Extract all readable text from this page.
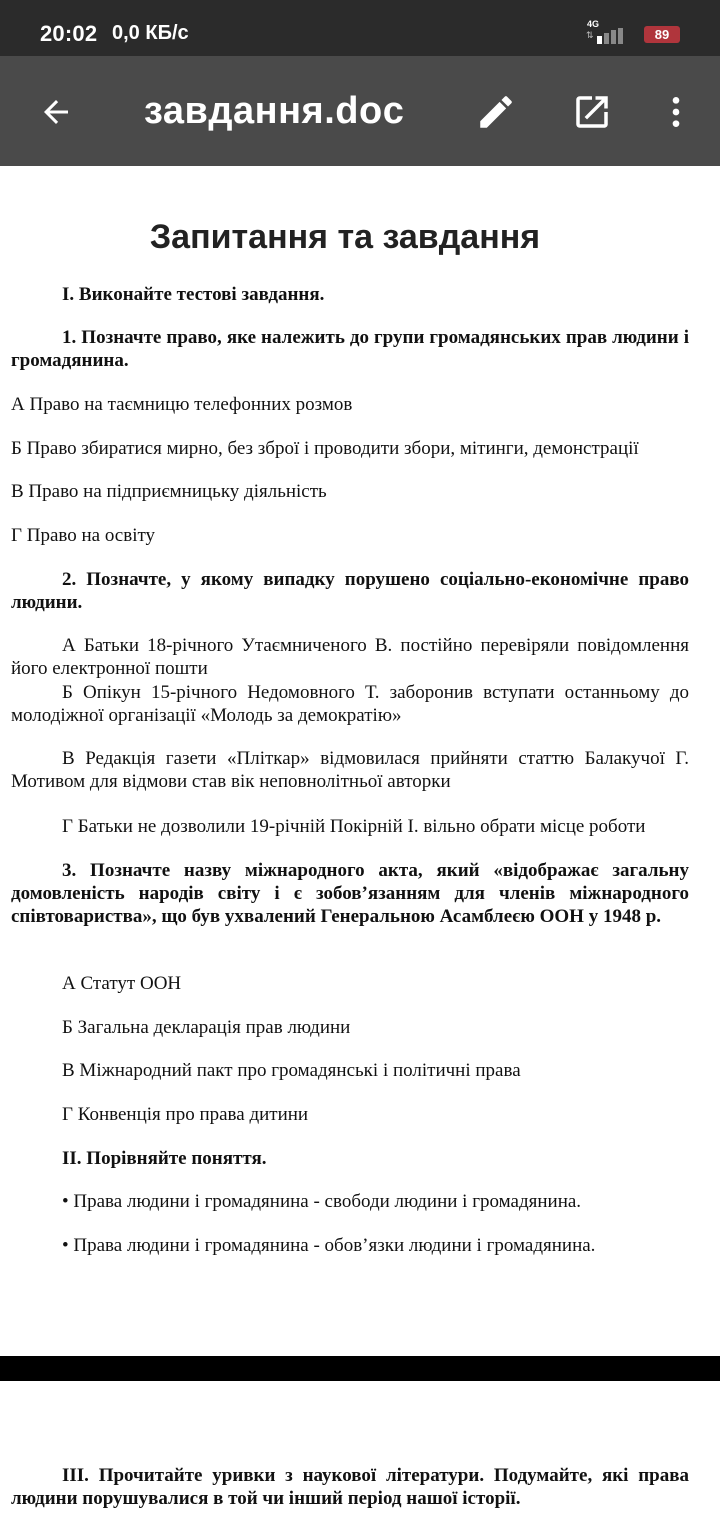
20:02 0,0 КБ/с	4G
⇅	89
завдання.doc
Запитання та завдання
І. Виконайте тестові завдання.
1. Позначте право, яке належить до групи громадянських прав людини і громадянина.
А Право на таємницю телефонних розмов
Б Право збиратися мирно, без зброї і проводити збори, мітинги, демонстрації
В Право на підприємницьку діяльність
Г Право на освіту
2. Позначте, у якому випадку порушено соціально-економічне право людини.
А Батьки 18-річного Утаємниченого В. постійно перевіряли повідомлення його електронної пошти
Б Опікун 15-річного Недомовного Т. заборонив вступати останньому до молодіжної організації «Молодь за демократію»
В Редакція газети «Пліткар» відмовилася прийняти статтю Балакучої Г. Мотивом для відмови став вік неповнолітньої авторки
Г Батьки не дозволили 19-річній Покірній І. вільно обрати місце роботи
3. Позначте назву міжнародного акта, який «відображає загальну домовленість народів світу і є зобов’язанням для членів міжнародного співтовариства», що був ухвалений Генеральною Асамблеєю ООН у 1948 р.
А Статут ООН
Б Загальна декларація прав людини
В Міжнародний пакт про громадянські і політичні права
Г Конвенція про права дитини
ІІ. Порівняйте поняття.
• Права людини і громадянина - свободи людини і громадянина.
• Права людини і громадянина - обов’язки людини і громадянина.
ІІІ. Прочитайте уривки з наукової літератури. Подумайте, які права людини порушувалися в той чи інший період нашої історії.
